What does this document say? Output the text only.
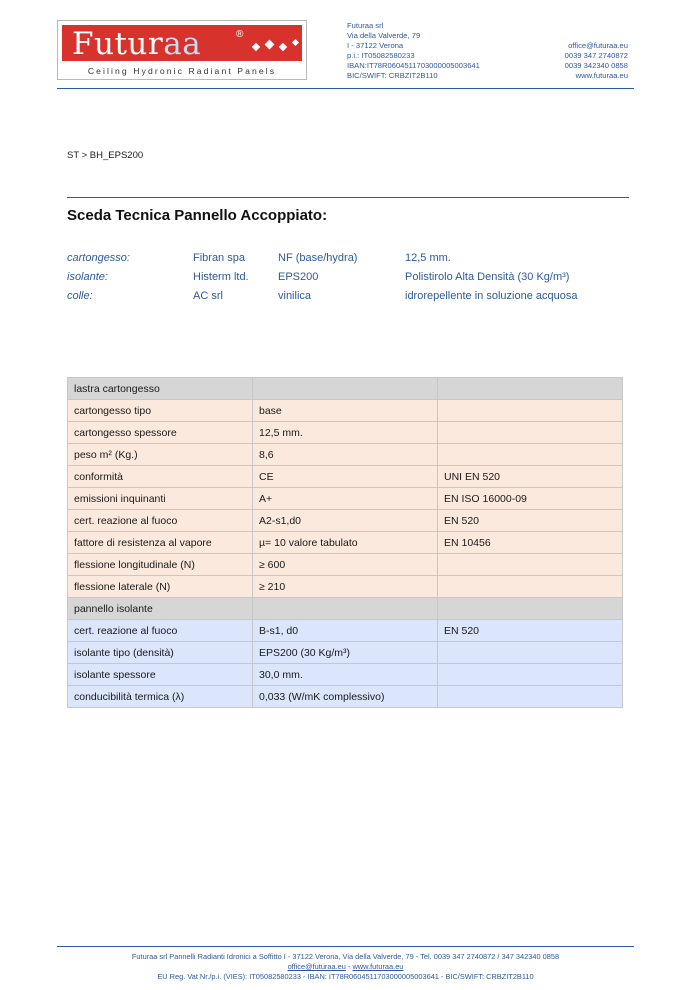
Futuraa	®
Ceiling Hydronic Radiant Panels
Futuraa srl
Via della Valverde, 79
I - 37122 Verona
p.i.: IT05082580233
IBAN:IT78R0604511703000005003641
BIC/SWIFT: CRBZIT2B110
office@futuraa.eu
0039 347 2740872
0039 342340 0858
www.futuraa.eu
ST > BH_EPS200
Sceda Tecnica Pannello Accoppiato:
cartongesso:	Fibran spa	NF (base/hydra)	12,5 mm.
isolante:	Histerm ltd.	EPS200	Polistirolo Alta Densità (30 Kg/m³)
colle:	AC srl	vinilica	idrorepellente in soluzione acquosa
lastra cartongesso		
cartongesso tipo	base	
cartongesso spessore	12,5 mm.	
peso m² (Kg.)	8,6	
conformità	CE	UNI EN 520
emissioni inquinanti	A+	EN ISO 16000-09
cert. reazione al fuoco	A2-s1,d0	EN 520
fattore di resistenza al vapore	µ= 10 valore tabulato	EN 10456
flessione longitudinale (N)	≥ 600	
flessione laterale (N)	≥ 210	
pannello isolante		
cert. reazione al fuoco	B-s1, d0	EN 520
isolante tipo (densità)	EPS200 (30 Kg/m³)	
isolante spessore	30,0 mm.	
conducibilità termica (λ)	0,033 (W/mK complessivo)	
Futuraa srl Pannelli Radianti Idronici a Soffitto I - 37122 Verona, Via della Valverde, 79 - Tel. 0039 347 2740872 / 347 342340 0858
office@futuraa.eu - www.futuraa.eu
EU Reg. Vat Nr./p.i. (VIES): IT05082580233 - IBAN: IT78R0604511703000005003641 - BIC/SWIFT: CRBZIT2B110
